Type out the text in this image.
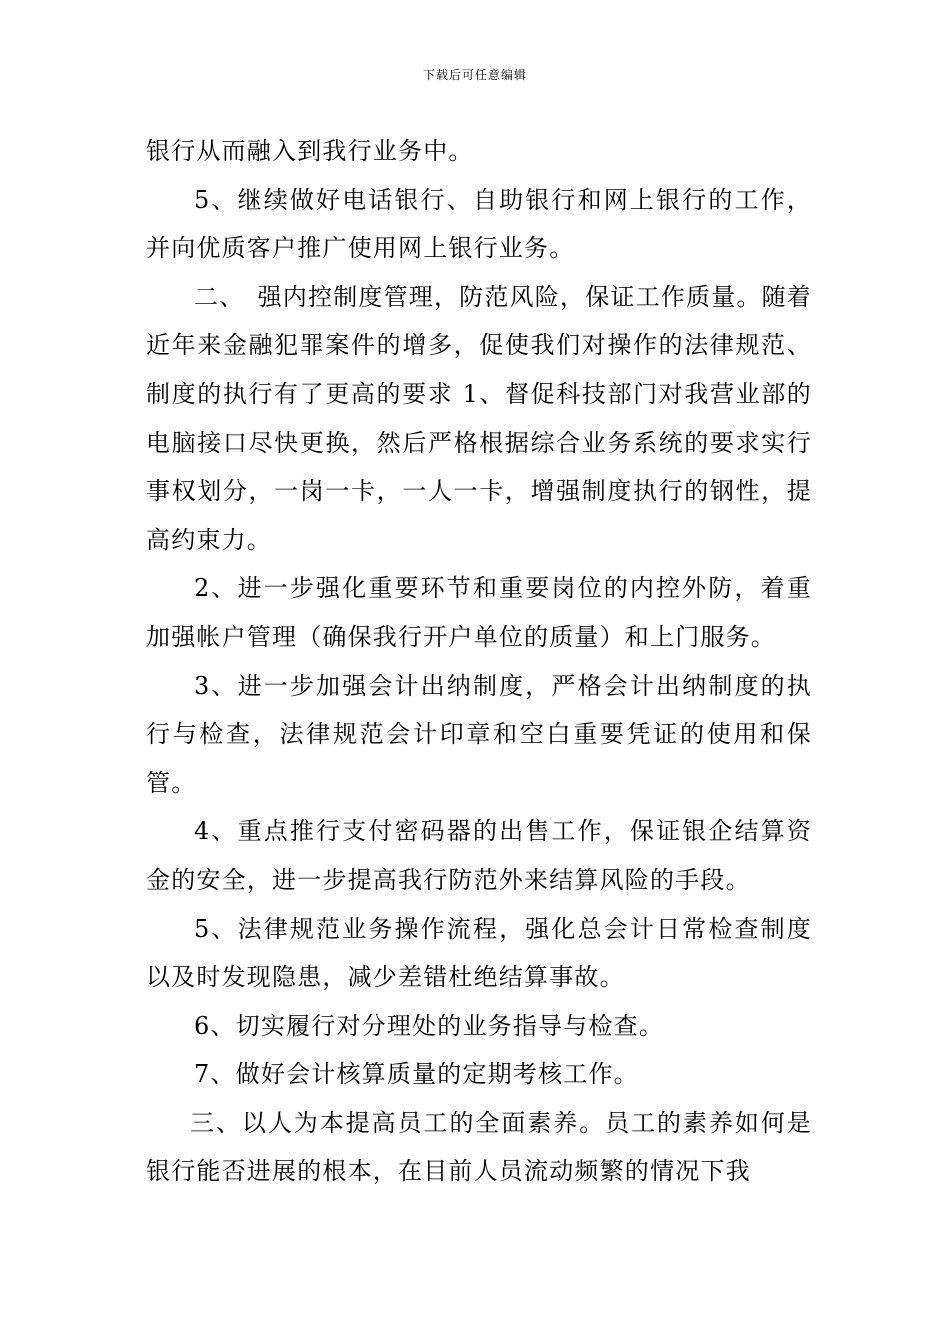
下载后可任意编辑

银行从而融入到我行业务中。

5、继续做好电话银行、自助银行和网上银行的工作，并向优质客户推广使用网上银行业务。

二、　强内控制度管理，防范风险，保证工作质量。随着近年来金融犯罪案件的增多，促使我们对操作的法律规范、制度的执行有了更高的要求 1、督促科技部门对我营业部的电脑接口尽快更换，然后严格根据综合业务系统的要求实行事权划分，一岗一卡，一人一卡，增强制度执行的钢性，提高约束力。

2、进一步强化重要环节和重要岗位的内控外防，着重加强帐户管理（确保我行开户单位的质量）和上门服务。

3、进一步加强会计出纳制度，严格会计出纳制度的执行与检查，法律规范会计印章和空白重要凭证的使用和保管。

4、重点推行支付密码器的出售工作，保证银企结算资金的安全，进一步提高我行防范外来结算风险的手段。

5、法律规范业务操作流程，强化总会计日常检查制度以及时发现隐患，减少差错杜绝结算事故。

6、切实履行对分理处的业务指导与检查。

7、做好会计核算质量的定期考核工作。

三、以人为本提高员工的全面素养。员工的素养如何是银行能否进展的根本，在目前人员流动频繁的情况下我
